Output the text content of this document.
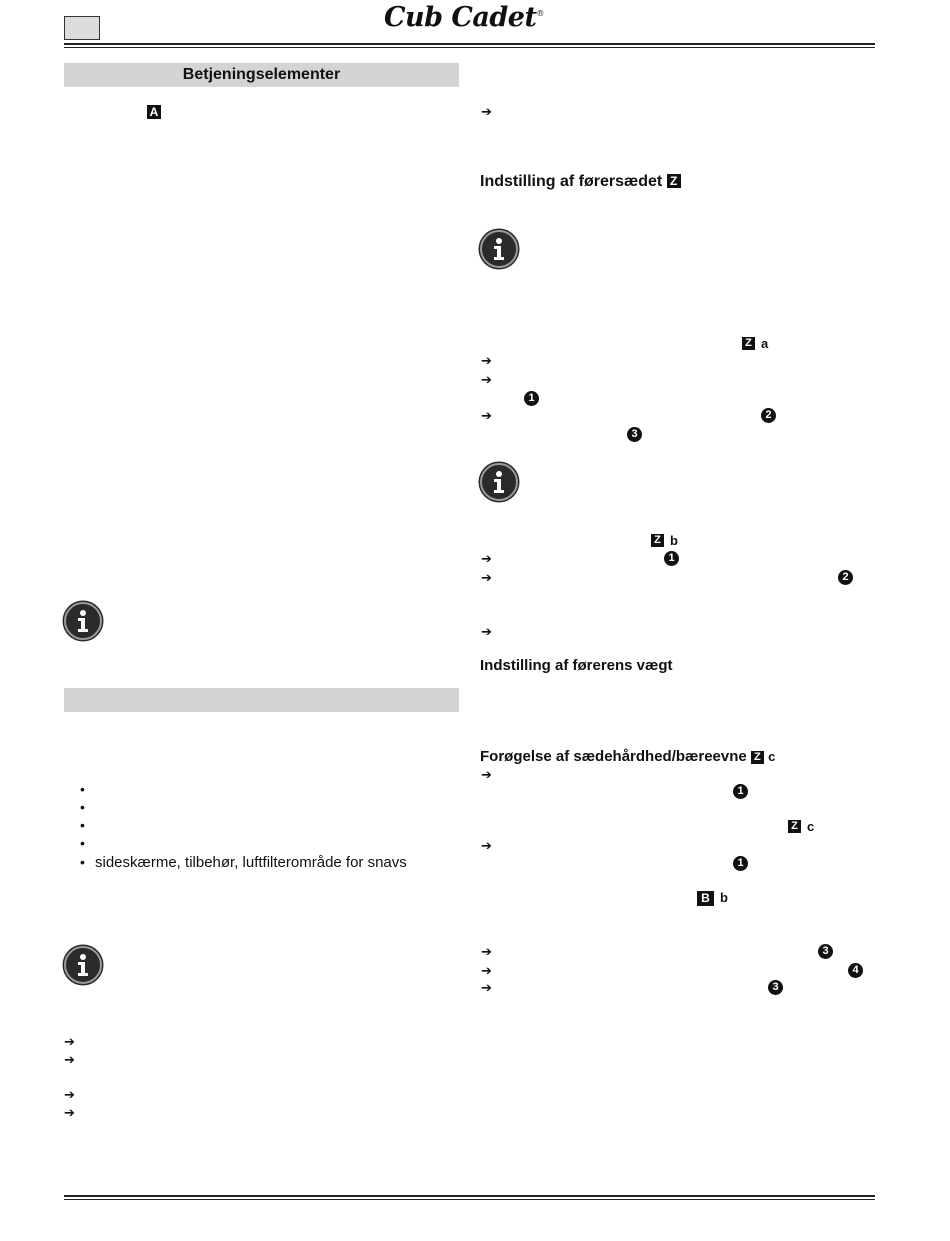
Cub Cadet®
Betjeningselementer
A
•
•
•
•
• sideskærme, tilbehør, luftfilterområde for snavs
➔
➔
➔
➔
➔
Indstilling af førersædet Z
Z a
➔
➔
1
➔	2
3
Z b
➔	1
➔	2
➔
Indstilling af førerens vægt
Forøgelse af sædehårdhed/bæreevne Z c
➔
1
Z c
➔
1
B b
➔	3
➔	4
➔	3
